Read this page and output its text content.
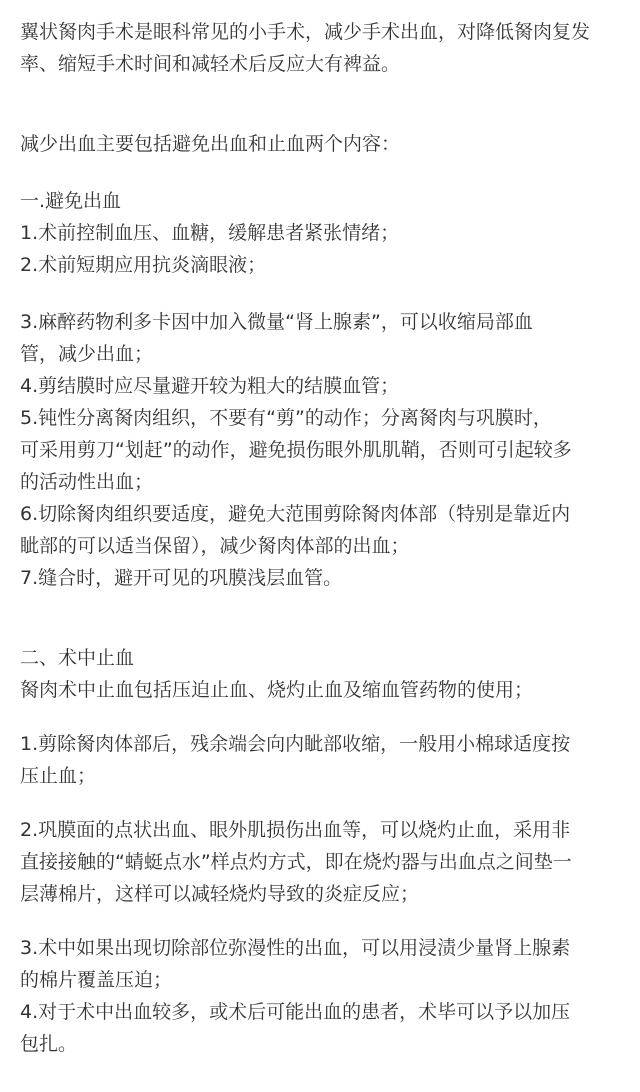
翼状胬肉手术是眼科常见的小手术，减少手术出血，对降低胬肉复发
率、缩短手术时间和减轻术后反应大有裨益。
减少出血主要包括避免出血和止血两个内容：
一.避免出血
1.术前控制血压、血糖，缓解患者紧张情绪；
2.术前短期应用抗炎滴眼液；
3.麻醉药物利多卡因中加入微量“肾上腺素”，可以收缩局部血
管，减少出血；
4.剪结膜时应尽量避开较为粗大的结膜血管；
5.钝性分离胬肉组织，不要有“剪”的动作；分离胬肉与巩膜时，
可采用剪刀“划赶”的动作，避免损伤眼外肌肌鞘，否则可引起较多
的活动性出血；
6.切除胬肉组织要适度，避免大范围剪除胬肉体部（特别是靠近内
眦部的可以适当保留），减少胬肉体部的出血；
7.缝合时，避开可见的巩膜浅层血管。
二、术中止血
胬肉术中止血包括压迫止血、烧灼止血及缩血管药物的使用；
1.剪除胬肉体部后，残余端会向内眦部收缩，一般用小棉球适度按
压止血；
2.巩膜面的点状出血、眼外肌损伤出血等，可以烧灼止血，采用非
直接接触的“蜻蜓点水”样点灼方式，即在烧灼器与出血点之间垫一
层薄棉片，这样可以减轻烧灼导致的炎症反应；
3.术中如果出现切除部位弥漫性的出血，可以用浸渍少量肾上腺素
的棉片覆盖压迫；
4.对于术中出血较多，或术后可能出血的患者，术毕可以予以加压
包扎。
